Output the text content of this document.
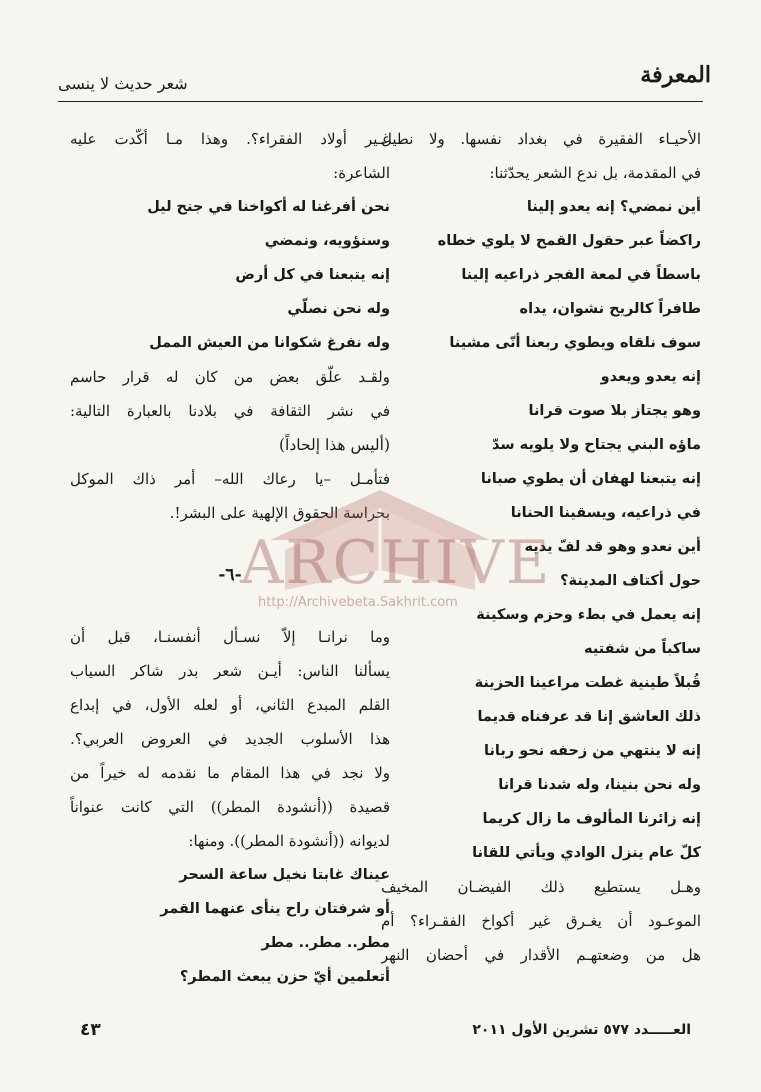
المعرفة
شعر حديث لا ينسى
الأحيـاء الفقيرة في بغداد نفسها. ولا نطيل
في المقدمة، بل ندع الشعر يحدّثنا:
أين نمضي؟ إنه يعدو إلينا
راكضاً عبر حقول القمح لا يلوي خطاه
باسطاً في لمعة الفجر ذراعيه إلينا
طافراً كالريح نشوان، يداه
سوف نلقاه ويطوي ربعنا أنّى مشينا
إنه يعدو ويعدو
وهو يجتاز بلا صوت قرانا
ماؤه البني يجتاح ولا يلويه سدّ
إنه يتبعنا لهفان أن يطوي صبانا
في ذراعيه، ويسقينا الحنانا
أين نعدو وهو قد لفّ يديه
حول أكتاف المدينة؟
إنه يعمل في بطء وحزم وسكينة
ساكباً من شفتيه
قُبلاً طينية غطت مراعينا الحزينة
ذلك العاشق إنا قد عرفناه قديما
إنه لا ينتهي من زحفه نحو ربانا
وله نحن بنينا، وله شدنا قرانا
إنه زائرنا المألوف ما زال كريما
كلّ عام ينزل الوادي ويأتي للقانا
وهـل يستطيع ذلك الفيضـان المخيف
الموعـود أن يغـرق غير أكواخ الفقـراء؟ أم
هل من وضعتهـم الأقدار في أحضان النهر
غـير أولاد الفقراء؟. وهذا مـا أكّدت عليه
الشاعرة:
نحن أفرغنا له أكواخنا في جنح ليل
وسنؤويه، ونمضي
إنه يتبعنا في كل أرض
وله نحن نصلّي
وله نفرغ شكوانا من العيش الممل
ولقـد علّق بعض من كان له قرار حاسم
في نشر الثقافة في بلادنا بالعبارة التالية:
(أليس هذا إلحاداً)
فتأمـل –يا رعاك الله– أمر ذاك الموكل
بحراسة الحقوق الإلهية على البشر!.
-٦-
وما نرانـا إلاّ نسـأل أنفسنـا، قبل أن
يسألنا الناس: أيـن شعر بدر شاكر السياب
القلم المبدع الثاني، أو لعله الأول، في إبداع
هذا الأسلوب الجديد في العروض العربي؟.
ولا نجد في هذا المقام ما نقدمه له خيراً من
قصيدة ((أنشودة المطر)) التي كانت عنواناً
لديوانه ((أنشودة المطر)). ومنها:
عيناك غابتا نخيل ساعة السحر
أو شرفتان راح ينأى عنهما القمر
مطر.. مطر.. مطر
أتعلمين أيّ حزن يبعث المطر؟
ARCHIVE
http://Archivebeta.Sakhrit.com
العـــــدد ٥٧٧ تشرين الأول ٢٠١١
٤٣
